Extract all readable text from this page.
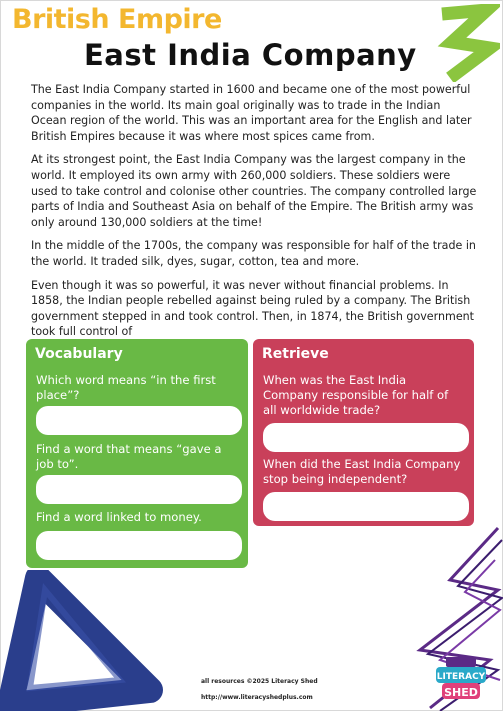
British Empire
East India Company

The East India Company started in 1600 and became one of the most powerful companies in the world. Its main goal originally was to trade in the Indian Ocean region of the world. This was an important area for the English and later British Empires because it was where most spices came from.

At its strongest point, the East India Company was the largest company in the world. It employed its own army with 260,000 soldiers. These soldiers were used to take control and colonise other countries. The company controlled large parts of India and Southeast Asia on behalf of the Empire. The British army was only around 130,000 soldiers at the time!

In the middle of the 1700s, the company was responsible for half of the trade in the world. It traded silk, dyes, sugar, cotton, tea and more.

Even though it was so powerful, it was never without financial problems. In 1858, the Indian people rebelled against being ruled by a company. The British government stepped in and took control. Then, in 1874, the British government took full control of

Vocabulary
Which word means “in the first place”?
Find a word that means “gave a job to”.
Find a word linked to money.
Retrieve
When was the East India Company responsible for half of all worldwide trade?
When did the East India Company stop being independent?
all resources ©2025 Literacy Shed
http://www.literacyshedplus.com
LITERACY
SHED
